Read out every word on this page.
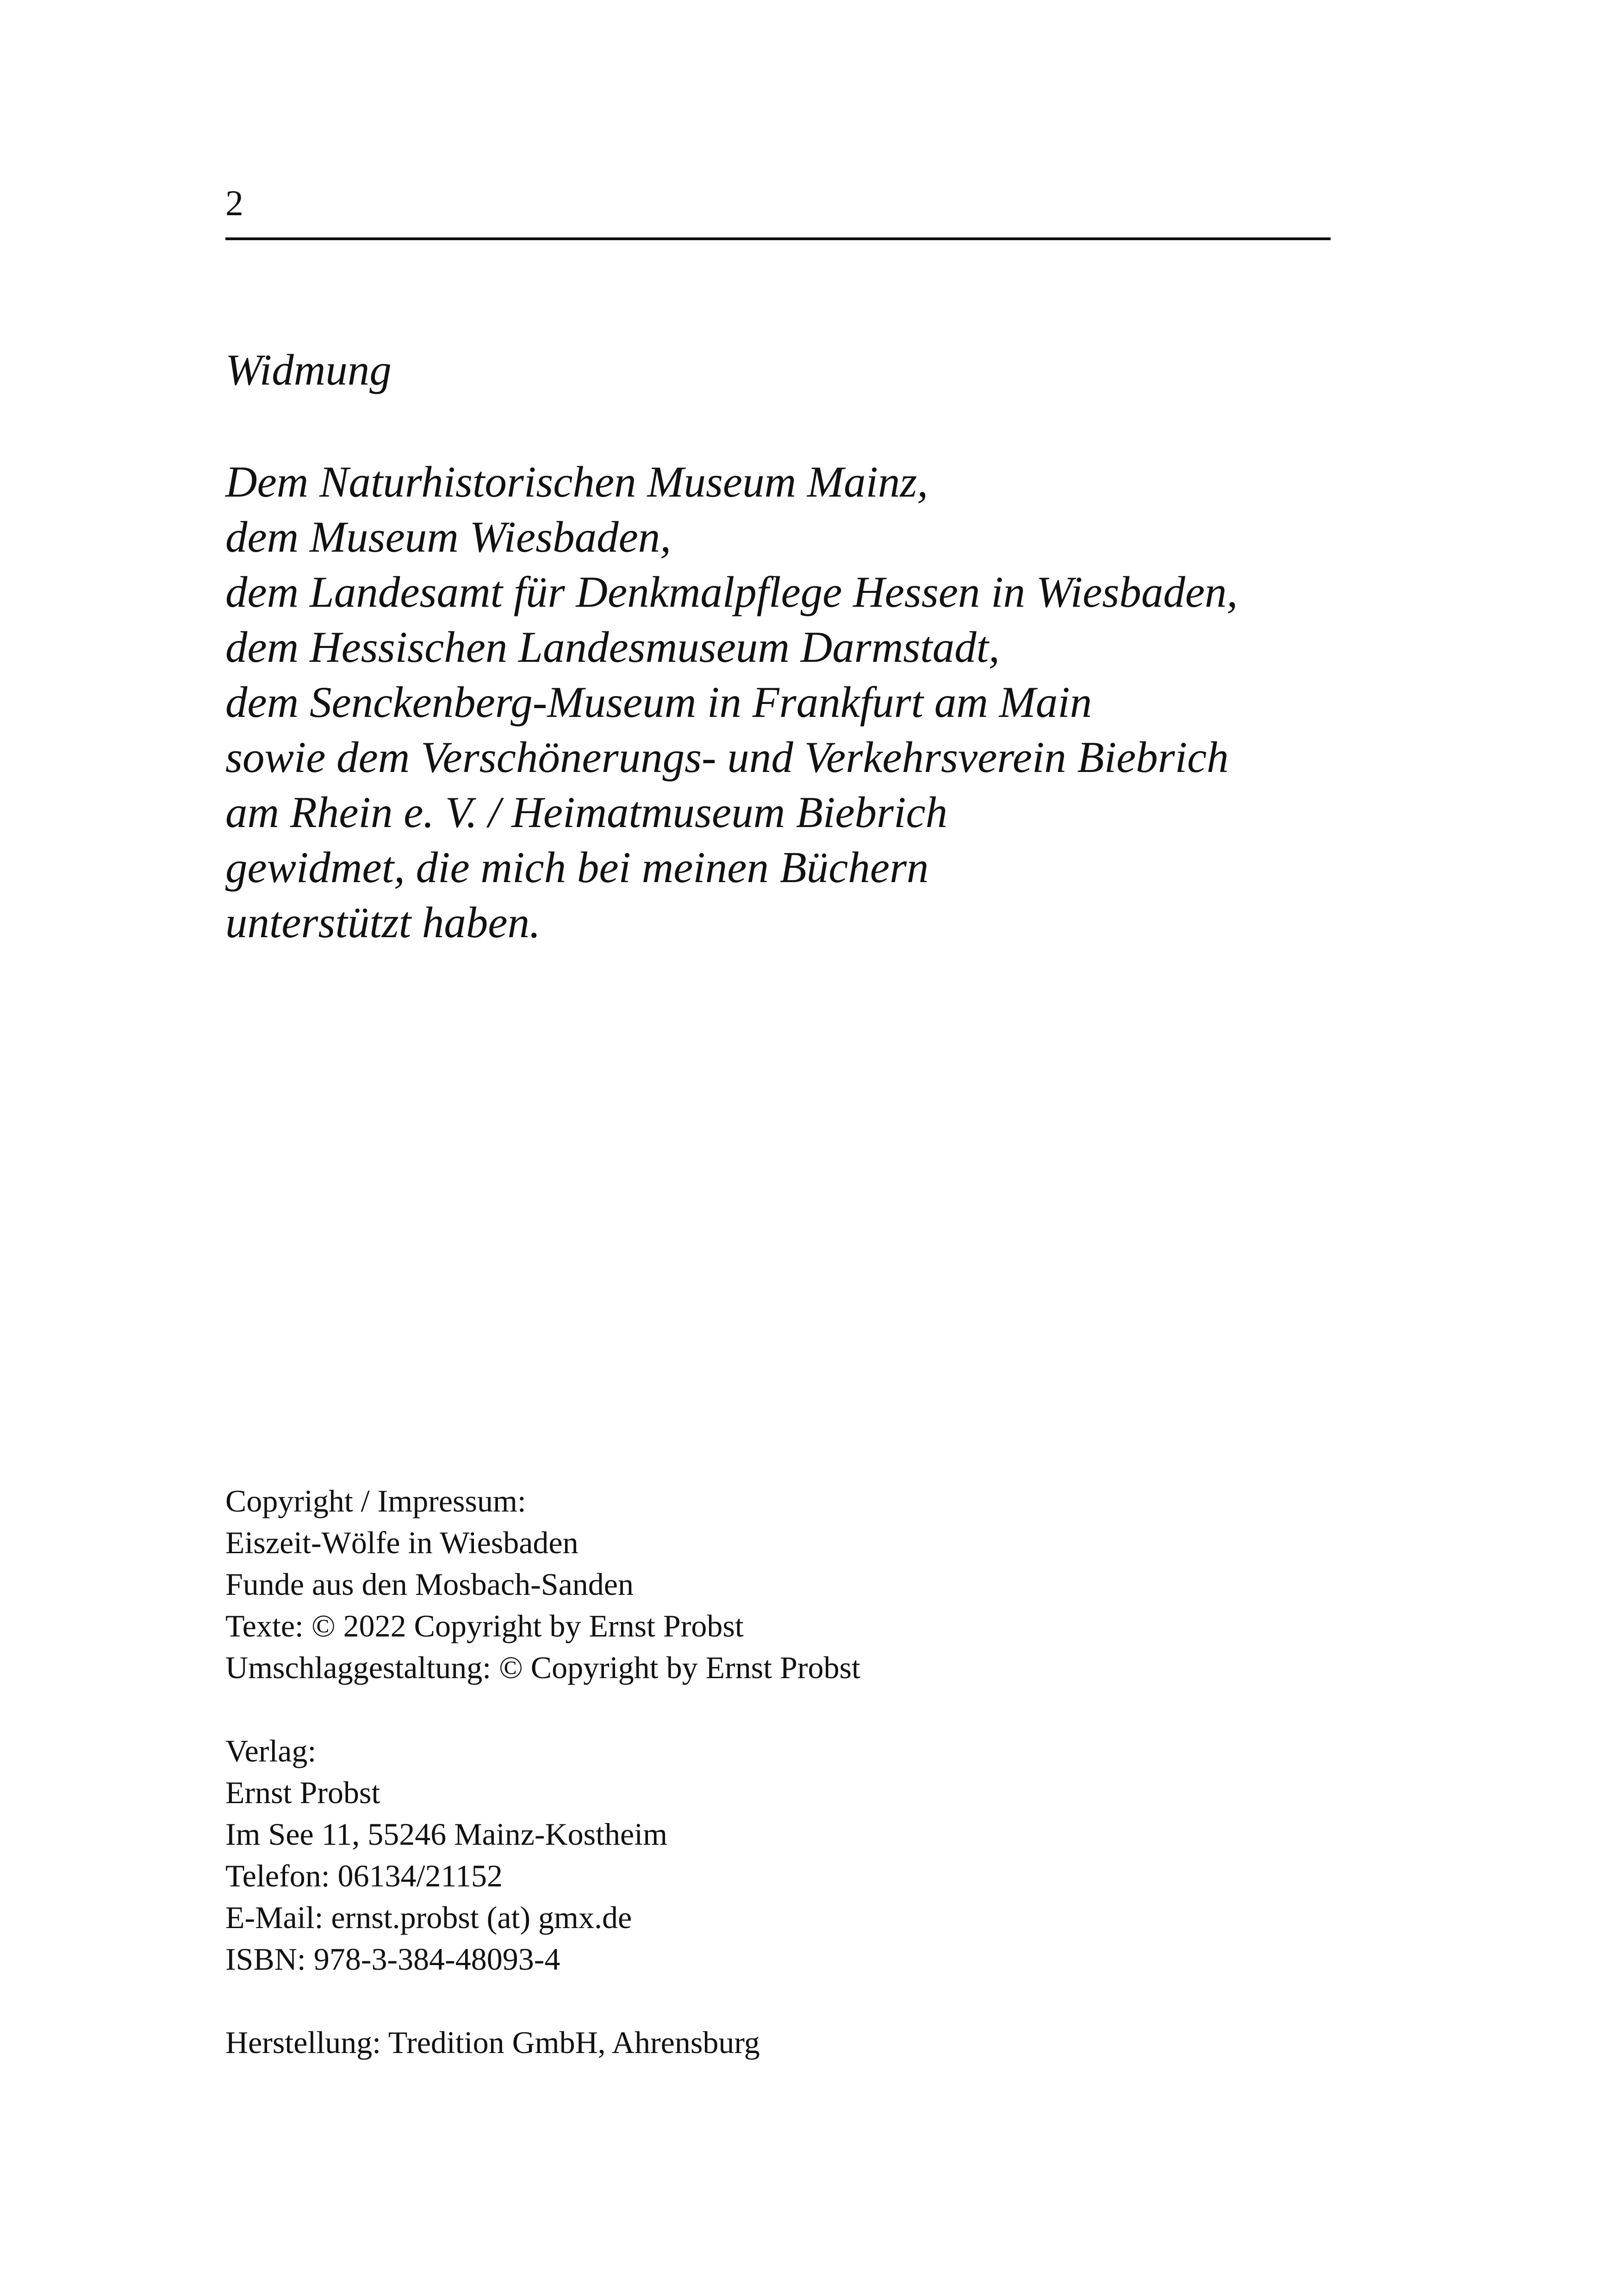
2
Widmung
Dem Naturhistorischen Museum Mainz,
dem Museum Wiesbaden,
dem Landesamt für Denkmalpflege Hessen in Wiesbaden,
dem Hessischen Landesmuseum Darmstadt,
dem Senckenberg-Museum in Frankfurt am Main
sowie dem Verschönerungs- und Verkehrsverein Biebrich
am Rhein e. V. / Heimatmuseum Biebrich
gewidmet, die mich bei meinen Büchern
unterstützt haben.
Copyright / Impressum:
Eiszeit-Wölfe in Wiesbaden
Funde aus den Mosbach-Sanden
Texte: © 2022 Copyright by Ernst Probst
Umschlaggestaltung: © Copyright by Ernst Probst
Verlag:
Ernst Probst
Im See 11, 55246 Mainz-Kostheim
Telefon: 06134/21152
E-Mail: ernst.probst (at) gmx.de
ISBN: 978-3-384-48093-4
Herstellung: Tredition GmbH, Ahrensburg
